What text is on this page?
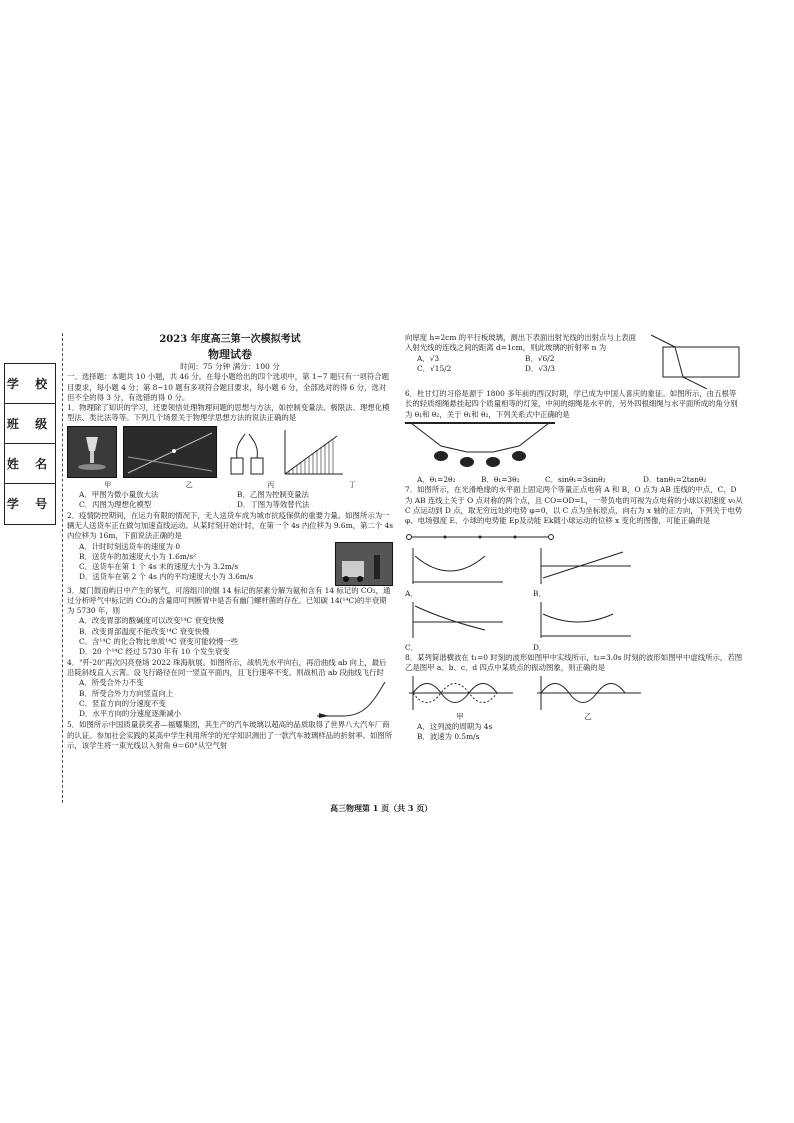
学 校
班 级
姓 名
学 号

2023 年度高三第一次模拟考试

物理试卷

时间：75 分钟 满分：100 分

一、选择题：本题共 10 小题，共 46 分。在每小题给出的四个选项中，第 1~7 题只有一项符合题目要求，每小题 4 分；第 8~10 题有多项符合题目要求，每小题 6 分，全部选对的得 6 分，选对但不全的得 3 分，有选错的得 0 分。

1．物理除了知识的学习，还要领悟处理物理问题的思想与方法，如控制变量法、极限法、理想化模型法、类比法等等。下列几个场景关于物理学思想方法的说法正确的是

甲	乙	丙	丁

A．甲图为微小量放大法	B．乙图为控制变量法

C．丙图为理想化模型	D．丁图为等效替代法

2．疫情防控期间，在运力有限的情况下，无人送货车成为城市抗疫保供的重要力量。如图所示为一辆无人送货车正在做匀加速直线运动。从某时刻开始计时，在第一个 4s 内位移为 9.6m，第二个 4s 内位移为 16m，下面说法正确的是

A．计时时刻送货车的速度为 0

B．送货车的加速度大小为 1.6m/s²

C．送货车在第 1 个 4s 末的速度大小为 3.2m/s

D．送货车在第 2 个 4s 内的平均速度大小为 3.6m/s

3．厦门鼓浪屿日中产生的氡气，可溶组川的烟 14 标记的尿素分解为氨和含有 14 标记的 CO₂，通过分析呼气中标记的 CO₂的含量即可判断胃中是否有幽门螺杆菌的存在。已知碳 14(¹⁴C)的半衰期为 5730 年，则

A．改变胃部的酸碱度可以改变¹⁴C 衰变快慢

B．改变胃部温度不能改变¹⁴C 衰变快慢

C．含¹⁴C 的化合物比单质¹⁴C 衰变可能较慢一些

D．20 个¹⁴C 经过 5730 年有 10 个发生衰变

4．"歼-20"再次闪亮登场 2022 珠海航展。如图所示，战机先水平向右，再沿曲线 ab 向上，最后沿陡斜线直入云霄。设飞行路径在同一竖直平面内，且飞行速率不变。则战机沿 ab 段曲线飞行时

A．所受合外力不变

B．所受合外力方向竖直向上

C．竖直方向的分速度不变

D．水平方向的分速度逐渐减小

5．如图所示中国质量获奖者—福耀集团，其生产的汽车玻璃以超高的品质取得了世界八大汽车厂商的认证。参加社会实践的某高中学生利用所学的光学知识测出了一款汽车玻璃样品的折射率。如图所示，该学生将一束光线以入射角 θ＝60°从空气射

向厚度 h=2cm 的平行板玻璃，测出下表面出射光线的出射点与上表面入射光线的连线之间的距离 d=1cm，则此玻璃的折射率 n 为

A．√3	B．√6/2

C．√15/2	D．√3/3

6．杜甘灯的习俗是源于 1800 多年前的西汉时期，学已成为中国人喜庆的象征。如图所示，由五根等长的轻质细绳悬挂起四个质量相等的灯笼，中间的细绳是水平的，另外四根细绳与水平面所成的角分别为 θ₁和 θ₂，关于 θ₁和 θ₂，下列关系式中正确的是

A．θ₁=2θ₂	B．θ₁=3θ₂	C．sinθ₁=3sinθ₂	D．tanθ₁=2tanθ₂

7．如图所示，在光滑绝缘的水平面上固定两个等量正点电荷 A 和 B，O 点为 AB 连线的中点，C、D 为 AB 连线上关于 O 点对称的两个点，且 CO=OD=L，一带负电的可视为点电荷的小球以初速度 v₀从 C 点运动到 D 点，取无穷远处的电势 φ=0，以 C 点为坐标原点，向右为 x 轴的正方向，下列关于电势 φ、电场强度 E、小球的电势能 Ep及动能 Ek随小球运动的位移 x 变化的图像，可能正确的是

A．	B．

C．	D．

8．某列简谐横波在 t₁=0 时刻的波形如图甲中实线所示，t₂=3.0s 时刻的波形如图甲中虚线所示，若图乙是图甲 a、b、c、d 四点中某质点的振动图象，则正确的是

甲	乙

A．这列波的周期为 4s

B．波速为 0.5m/s

高三物理第 1 页（共 3 页）
